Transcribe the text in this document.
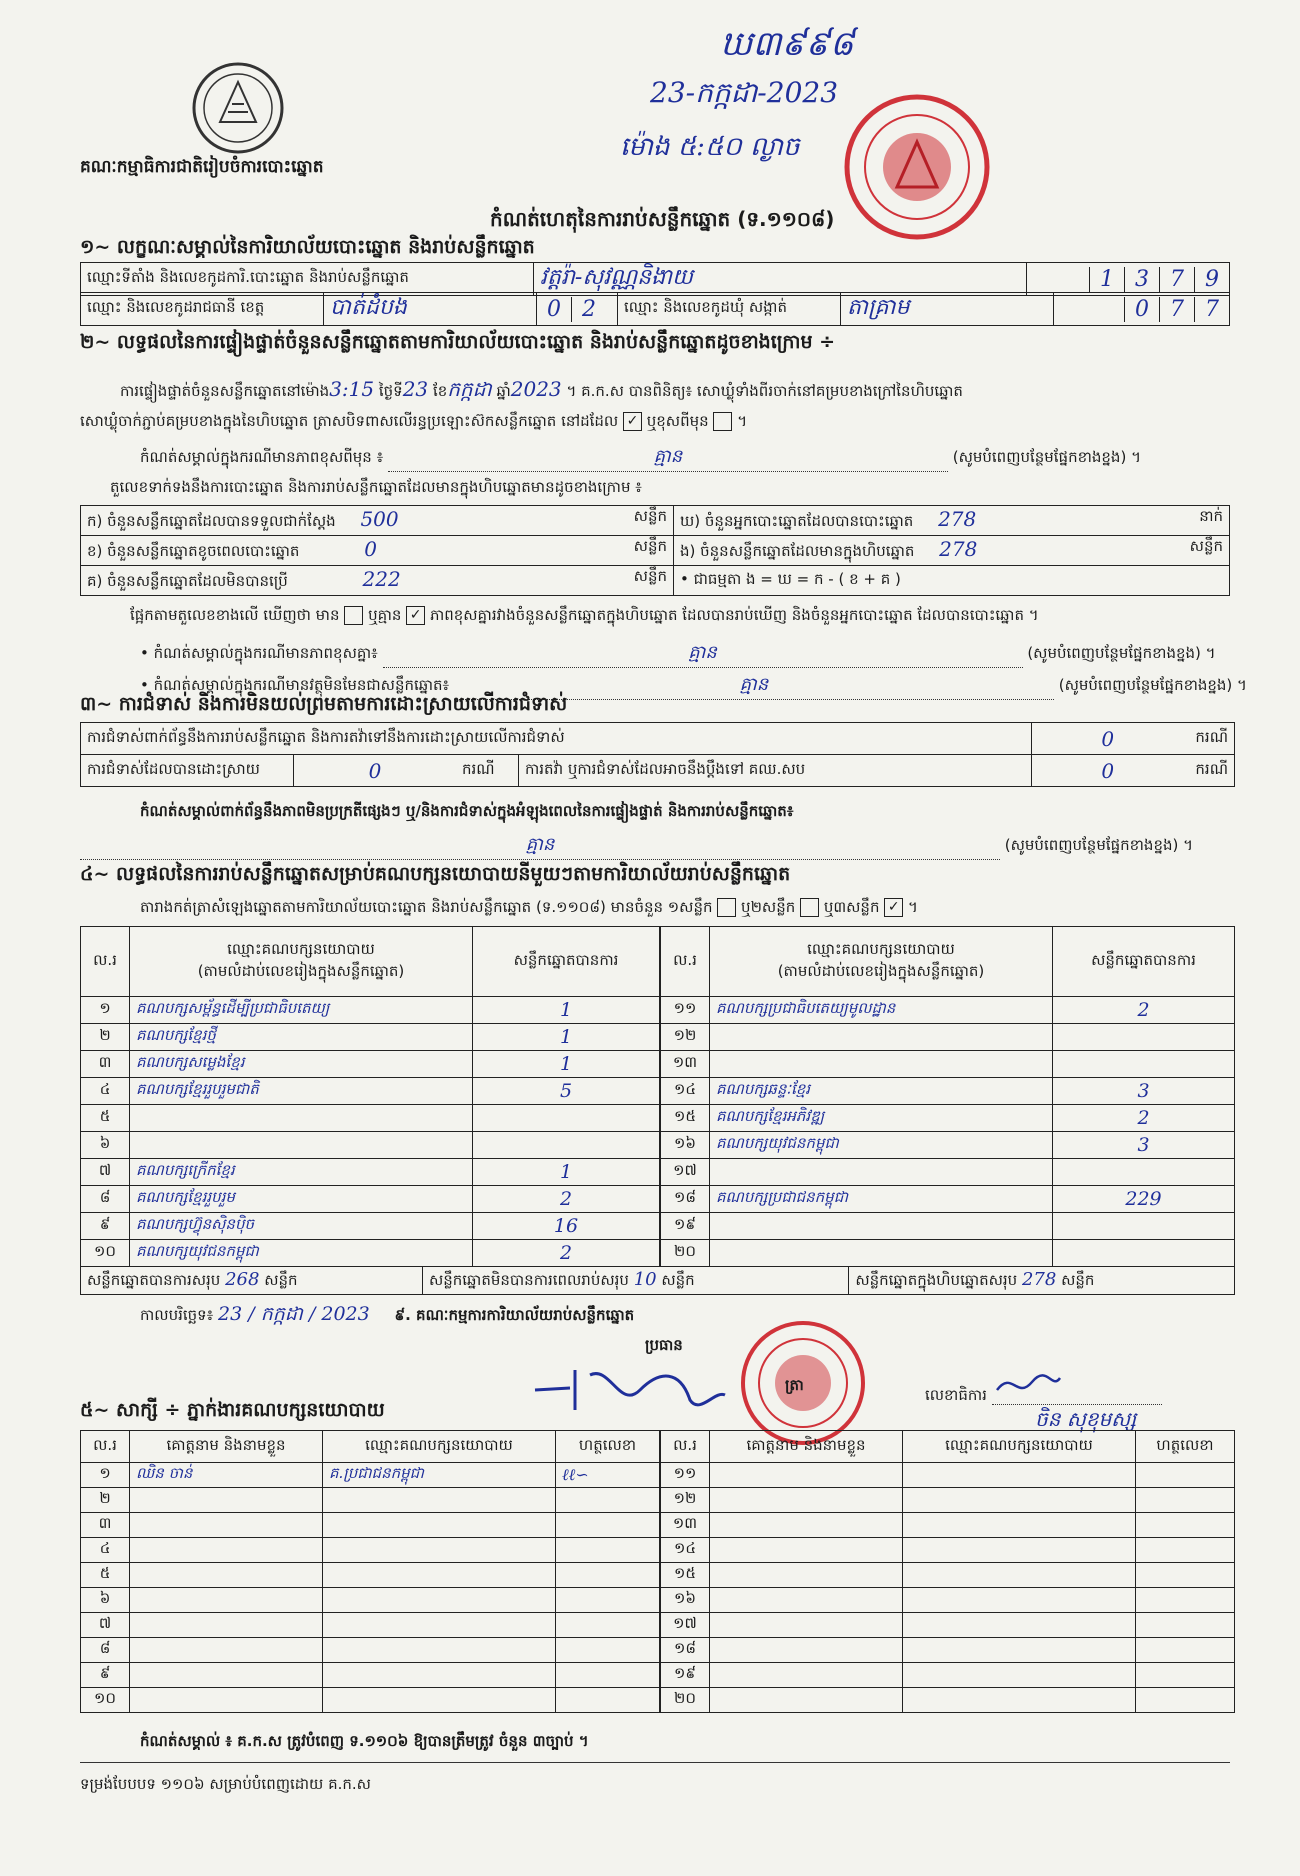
គណៈកម្មាធិការជាតិរៀបចំការបោះឆ្នោត
ឃ៣៩៩៨
23-កក្កដា-2023
ម៉ោង ៥:៥០ ល្ងាច
កំណត់ហេតុនៃការរាប់សន្លឹកឆ្នោត (ទ.១១០៨)
១~ លក្ខណៈសម្គាល់នៃការិយាល័យបោះឆ្នោត និងរាប់សន្លឹកឆ្នោត
ឈ្មោះទីតាំង និងលេខកូដការិ.បោះឆ្នោត និងរាប់សន្លឹកឆ្នោត	វត្តរ៉ា-សុវណ្ណនិងាយ	1 3 7 9
ឈ្មោះ និងលេខកូដរាជធានី ខេត្ត	បាត់ដំបង	0 2	ឈ្មោះ និងលេខកូដឃុំ សង្កាត់	តាគ្រាម	0 7 7
២~ លទ្ធផលនៃការផ្ទៀងផ្ទាត់ចំនួនសន្លឹកឆ្នោតតាមការិយាល័យបោះឆ្នោត និងរាប់សន្លឹកឆ្នោតដូចខាងក្រោម ÷
ការផ្ទៀងផ្ទាត់ចំនួនសន្លឹកឆ្នោតនៅម៉ោង3:15 ថ្ងៃទី23 ខែកក្កដា ឆ្នាំ2023 ។ គ.ក.ស បានពិនិត្យ៖ សោឃ្លុំទាំងពីរចាក់នៅគម្របខាងក្រៅនៃហិបឆ្នោត
សោឃ្លុំចាក់ភ្ជាប់គម្របខាងក្នុងនៃហិបឆ្នោត ត្រាសបិទពាសលើរន្ធប្រឡោះស៊កសន្លឹកឆ្នោត នៅដដែល ✓ ឬខុសពីមុន  ។
កំណត់សម្គាល់ក្នុងករណីមានភាពខុសពីមុន ៖	គ្មាន	(សូមបំពេញបន្ថែមផ្នែកខាងខ្នង) ។
តួលេខទាក់ទងនឹងការបោះឆ្នោត និងការរាប់សន្លឹកឆ្នោតដែលមានក្នុងហិបឆ្នោតមានដូចខាងក្រោម ៖
ក) ចំនួនសន្លឹកឆ្នោតដែលបានទទួលជាក់ស្តែង 500 សន្លឹក	ឃ) ចំនួនអ្នកបោះឆ្នោតដែលបានបោះឆ្នោត 278 នាក់

ខ) ចំនួនសន្លឹកឆ្នោតខូចពេលបោះឆ្នោត 0 សន្លឹក	ង) ចំនួនសន្លឹកឆ្នោតដែលមានក្នុងហិបឆ្នោត 278 សន្លឹក

គ) ចំនួនសន្លឹកឆ្នោតដែលមិនបានប្រើ 222 សន្លឹក	• ជាធម្មតា ង = ឃ = ក - ( ខ + គ )
ផ្អែកតាមតួលេខខាងលើ ឃើញថា មាន ឬគ្មាន ✓ ភាពខុសគ្នារវាងចំនួនសន្លឹកឆ្នោតក្នុងហិបឆ្នោត ដែលបានរាប់ឃើញ និងចំនួនអ្នកបោះឆ្នោត ដែលបានបោះឆ្នោត ។
• កំណត់សម្គាល់ក្នុងករណីមានភាពខុសគ្នា៖	គ្មាន	(សូមបំពេញបន្ថែមផ្នែកខាងខ្នង) ។
• កំណត់សម្គាល់ក្នុងករណីមានវត្ថុមិនមែនជាសន្លឹកឆ្នោត៖	គ្មាន	(សូមបំពេញបន្ថែមផ្នែកខាងខ្នង) ។
៣~ ការជំទាស់ និងការមិនយល់ព្រមតាមការដោះស្រាយលើការជំទាស់
ការជំទាស់ពាក់ព័ន្ធនឹងការរាប់សន្លឹកឆ្នោត និងការតវ៉ាទៅនឹងការដោះស្រាយលើការជំទាស់				0	ករណី
ការជំទាស់ដែលបានដោះស្រាយ	0	ករណី	ការតវ៉ា ឬការជំទាស់ដែលអាចនឹងប្តឹងទៅ គឈ.សប	0	ករណី
កំណត់សម្គាល់ពាក់ព័ន្ធនឹងភាពមិនប្រក្រតីផ្សេងៗ ឬ/និងការជំទាស់ក្នុងអំឡុងពេលនៃការផ្ទៀងផ្ទាត់ និងការរាប់សន្លឹកឆ្នោត៖
គ្មាន	(សូមបំពេញបន្ថែមផ្នែកខាងខ្នង) ។
៤~ លទ្ធផលនៃការរាប់សន្លឹកឆ្នោតសម្រាប់គណបក្សនយោបាយនីមួយៗតាមការិយាល័យរាប់សន្លឹកឆ្នោត
តារាងកត់ត្រាសំឡេងឆ្នោតតាមការិយាល័យបោះឆ្នោត និងរាប់សន្លឹកឆ្នោត (ទ.១១០៨) មានចំនួន ១សន្លឹក ឬ២សន្លឹក ឬ៣សន្លឹក ✓ ។
ល.រ	ឈ្មោះគណបក្សនយោបាយ
(តាមលំដាប់លេខរៀងក្នុងសន្លឹកឆ្នោត)	សន្លឹកឆ្នោតបានការ
១	គណបក្សសម្ព័ន្ធដើម្បីប្រជាធិបតេយ្យ	1
២	គណបក្សខ្មែរថ្មី	1
៣	គណបក្សសម្លេងខ្មែរ	1
៤	គណបក្សខ្មែររួបរួមជាតិ	5
៥		
៦		
៧	គណបក្សក្រើកខ្មែរ	1
៨	គណបក្សខ្មែររួបរួម	2
៩	គណបក្សហ៊្វុនស៊ិនប៉ិច	16
១០	គណបក្សយុវជនកម្ពុជា	2
ល.រ	ឈ្មោះគណបក្សនយោបាយ
(តាមលំដាប់លេខរៀងក្នុងសន្លឹកឆ្នោត)	សន្លឹកឆ្នោតបានការ
១១	គណបក្សប្រជាធិបតេយ្យមូលដ្ឋាន	2
១២		
១៣		
១៤	គណបក្សឆន្ទៈខ្មែរ	3
១៥	គណបក្សខ្មែរអភិវឌ្ឍ	2
១៦	គណបក្សយុវជនកម្ពុជា	3
១៧		
១៨	គណបក្សប្រជាជនកម្ពុជា	229
១៩		
២០		
សន្លឹកឆ្នោតបានការសរុប 268 សន្លឹក	សន្លឹកឆ្នោតមិនបានការពេលរាប់សរុប 10 សន្លឹក	សន្លឹកឆ្នោតក្នុងហិបឆ្នោតសរុប 278 សន្លឹក
កាលបរិច្ឆេទ៖ 23 / កក្កដា / 2023 ៩. គណៈកម្មការការិយាល័យរាប់សន្លឹកឆ្នោត
ប្រធាន
ត្រា
លេខាធិការ
ចិន សុខុមស្ស
៥~ សាក្សី ÷ ភ្នាក់ងារគណបក្សនយោបាយ
ល.រ	គោត្តនាម និងនាមខ្លួន	ឈ្មោះគណបក្សនយោបាយ	ហត្ថលេខា
១	ឈិន ចាន់	គ.ប្រជាជនកម្ពុជា	ℓℓ∽
២			
៣			
៤			
៥			
៦			
៧			
៨			
៩			
១០			
ល.រ	គោត្តនាម និងនាមខ្លួន	ឈ្មោះគណបក្សនយោបាយ	ហត្ថលេខា
១១			
១២			
១៣			
១៤			
១៥			
១៦			
១៧			
១៨			
១៩			
២០			
កំណត់សម្គាល់ ៖ គ.ក.ស ត្រូវបំពេញ ទ.១១០៦ ឱ្យបានត្រឹមត្រូវ ចំនួន ៣ច្បាប់ ។
ទម្រង់បែបបទ ១១០៦ សម្រាប់បំពេញដោយ គ.ក.ស
